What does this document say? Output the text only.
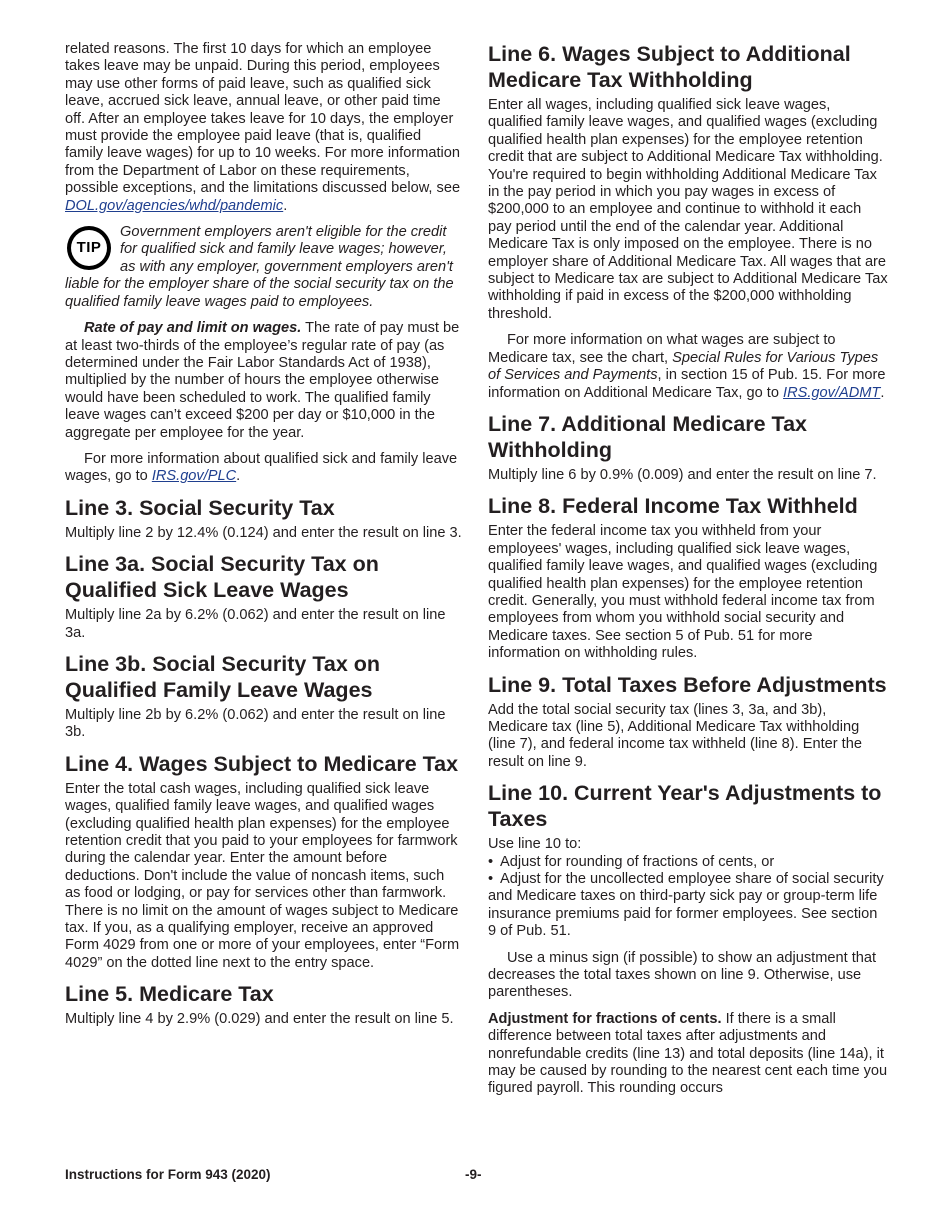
related reasons. The first 10 days for which an employee takes leave may be unpaid. During this period, employees may use other forms of paid leave, such as qualified sick leave, accrued sick leave, annual leave, or other paid time off. After an employee takes leave for 10 days, the employer must provide the employee paid leave (that is, qualified family leave wages) for up to 10 weeks. For more information from the Department of Labor on these requirements, possible exceptions, and the limitations discussed below, see DOL.gov/agencies/whd/pandemic.

TIP

Government employers aren't eligible for the credit for qualified sick and family leave wages; however, as with any employer, government employers aren't liable for the employer share of the social security tax on the qualified family leave wages paid to employees.

Rate of pay and limit on wages. The rate of pay must be at least two-thirds of the employee’s regular rate of pay (as determined under the Fair Labor Standards Act of 1938), multiplied by the number of hours the employee otherwise would have been scheduled to work. The qualified family leave wages can’t exceed $200 per day or $10,000 in the aggregate per employee for the year.

For more information about qualified sick and family leave wages, go to IRS.gov/PLC.

Line 3. Social Security Tax

Multiply line 2 by 12.4% (0.124) and enter the result on line 3.

Line 3a. Social Security Tax on Qualified Sick Leave Wages

Multiply line 2a by 6.2% (0.062) and enter the result on line 3a.

Line 3b. Social Security Tax on Qualified Family Leave Wages

Multiply line 2b by 6.2% (0.062) and enter the result on line 3b.

Line 4. Wages Subject to Medicare Tax

Enter the total cash wages, including qualified sick leave wages, qualified family leave wages, and qualified wages (excluding qualified health plan expenses) for the employee retention credit that you paid to your employees for farmwork during the calendar year. Enter the amount before deductions. Don't include the value of noncash items, such as food or lodging, or pay for services other than farmwork. There is no limit on the amount of wages subject to Medicare tax. If you, as a qualifying employer, receive an approved Form 4029 from one or more of your employees, enter “Form 4029” on the dotted line next to the entry space.

Line 5. Medicare Tax

Multiply line 4 by 2.9% (0.029) and enter the result on line 5.

Line 6. Wages Subject to Additional Medicare Tax Withholding

Enter all wages, including qualified sick leave wages, qualified family leave wages, and qualified wages (excluding qualified health plan expenses) for the employee retention credit that are subject to Additional Medicare Tax withholding. You're required to begin withholding Additional Medicare Tax in the pay period in which you pay wages in excess of $200,000 to an employee and continue to withhold it each pay period until the end of the calendar year. Additional Medicare Tax is only imposed on the employee. There is no employer share of Additional Medicare Tax. All wages that are subject to Medicare tax are subject to Additional Medicare Tax withholding if paid in excess of the $200,000 withholding threshold.

For more information on what wages are subject to Medicare tax, see the chart, Special Rules for Various Types of Services and Payments, in section 15 of Pub. 15. For more information on Additional Medicare Tax, go to IRS.gov/ADMT.

Line 7. Additional Medicare Tax Withholding

Multiply line 6 by 0.9% (0.009) and enter the result on line 7.

Line 8. Federal Income Tax Withheld

Enter the federal income tax you withheld from your employees' wages, including qualified sick leave wages, qualified family leave wages, and qualified wages (excluding qualified health plan expenses) for the employee retention credit. Generally, you must withhold federal income tax from employees from whom you withhold social security and Medicare taxes. See section 5 of Pub. 51 for more information on withholding rules.

Line 9. Total Taxes Before Adjustments

Add the total social security tax (lines 3, 3a, and 3b), Medicare tax (line 5), Additional Medicare Tax withholding (line 7), and federal income tax withheld (line 8). Enter the result on line 9.

Line 10. Current Year's Adjustments to Taxes

Use line 10 to:

• Adjust for rounding of fractions of cents, or
• Adjust for the uncollected employee share of social security and Medicare taxes on third-party sick pay or group-term life insurance premiums paid for former employees. See section 9 of Pub. 51.

Use a minus sign (if possible) to show an adjustment that decreases the total taxes shown on line 9. Otherwise, use parentheses.

Adjustment for fractions of cents. If there is a small difference between total taxes after adjustments and nonrefundable credits (line 13) and total deposits (line 14a), it may be caused by rounding to the nearest cent each time you figured payroll. This rounding occurs

Instructions for Form 943 (2020)	-9-
